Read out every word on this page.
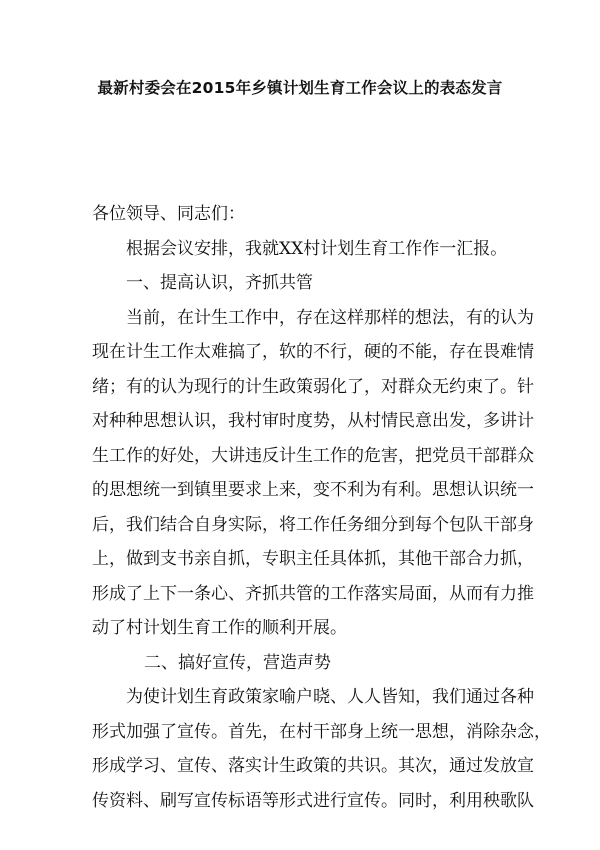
最新村委会在2015年乡镇计划生育工作会议上的表态发言
各位领导、同志们：
根据会议安排，我就XX村计划生育工作作一汇报。
一、提高认识，齐抓共管
当前，在计生工作中，存在这样那样的想法，有的认为
现在计生工作太难搞了，软的不行，硬的不能，存在畏难情
绪；有的认为现行的计生政策弱化了，对群众无约束了。针
对种种思想认识，我村审时度势，从村情民意出发，多讲计
生工作的好处，大讲违反计生工作的危害，把党员干部群众
的思想统一到镇里要求上来，变不利为有利。思想认识统一
后，我们结合自身实际，将工作任务细分到每个包队干部身
上，做到支书亲自抓，专职主任具体抓，其他干部合力抓，
形成了上下一条心、齐抓共管的工作落实局面，从而有力推
动了村计划生育工作的顺利开展。
二、搞好宣传，营造声势
为使计划生育政策家喻户晓、人人皆知，我们通过各种
形式加强了宣传。首先，在村干部身上统一思想，消除杂念，
形成学习、宣传、落实计生政策的共识。其次，通过发放宣
传资料、刷写宣传标语等形式进行宣传。同时，利用秧歌队
